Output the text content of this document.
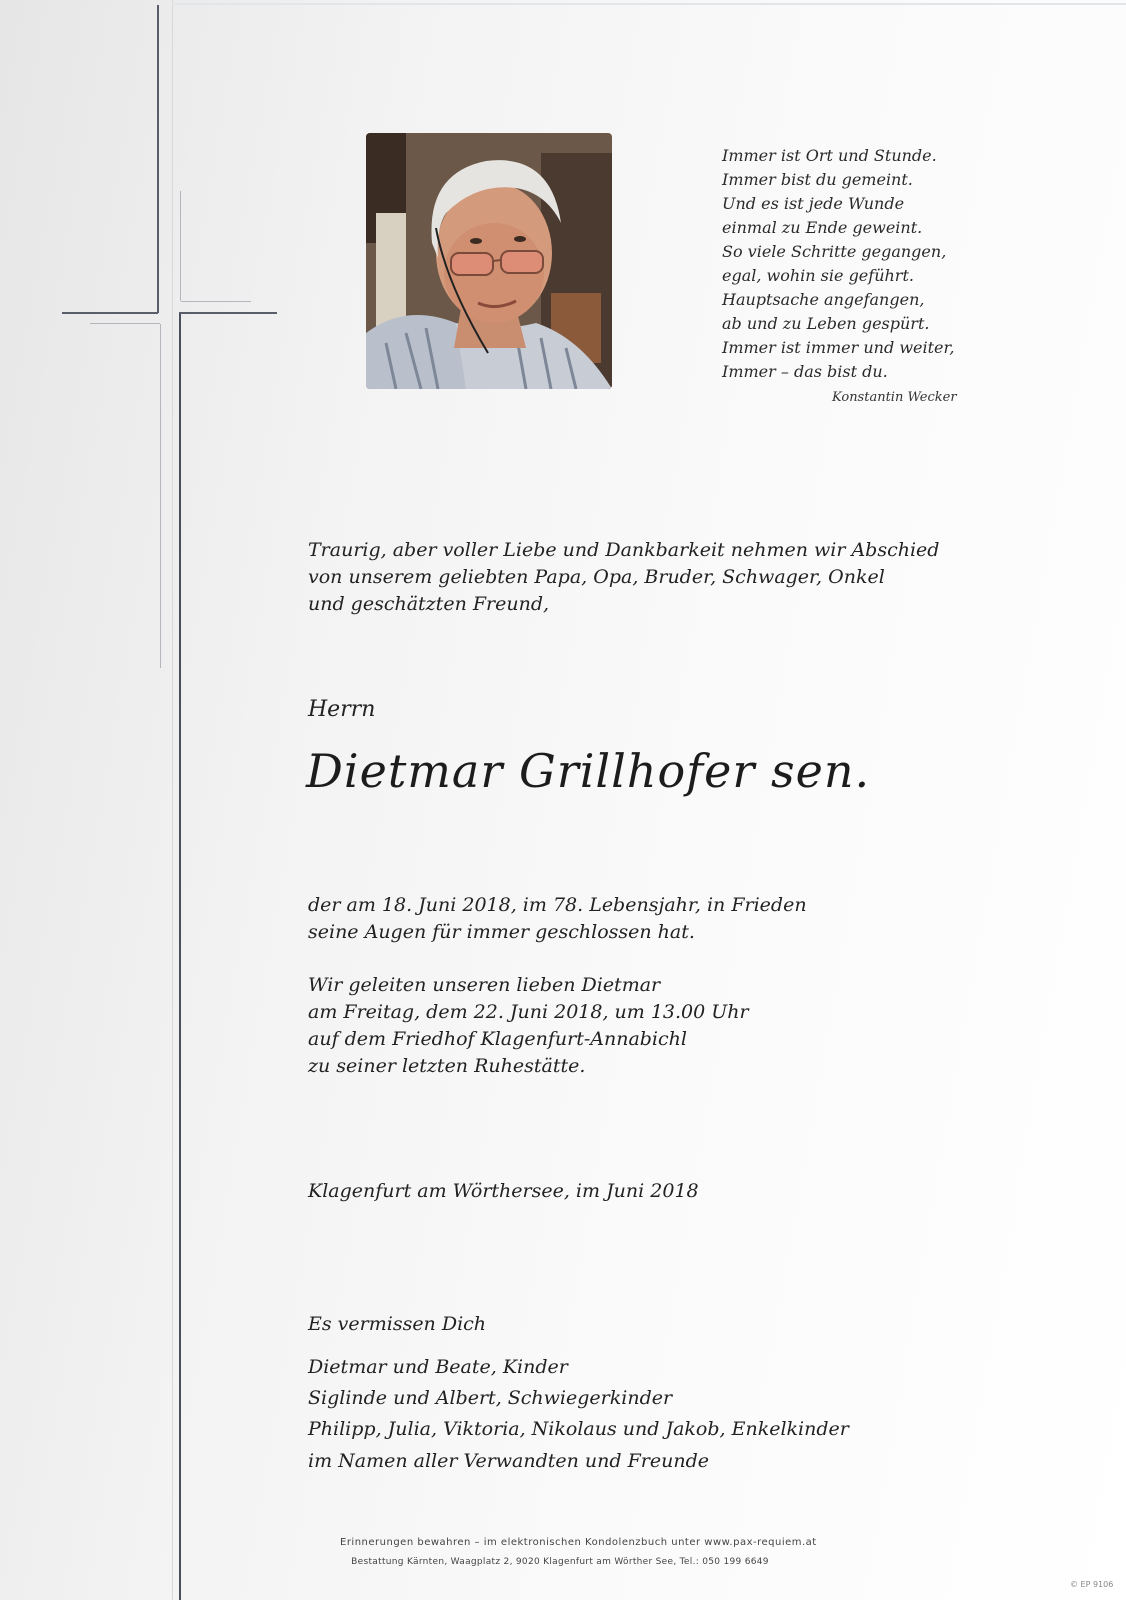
Immer ist Ort und Stunde.
Immer bist du gemeint.
Und es ist jede Wunde
einmal zu Ende geweint.
So viele Schritte gegangen,
egal, wohin sie geführt.
Hauptsache angefangen,
ab und zu Leben gespürt.
Immer ist immer und weiter,
Immer – das bist du.
Konstantin Wecker
Traurig, aber voller Liebe und Dankbarkeit nehmen wir Abschied
von unserem geliebten Papa, Opa, Bruder, Schwager, Onkel
und geschätzten Freund,
Herrn
Dietmar Grillhofer sen.
der am 18. Juni 2018, im 78. Lebensjahr, in Frieden
seine Augen für immer geschlossen hat.
Wir geleiten unseren lieben Dietmar
am Freitag, dem 22. Juni 2018, um 13.00 Uhr
auf dem Friedhof Klagenfurt-Annabichl
zu seiner letzten Ruhestätte.
Klagenfurt am Wörthersee, im Juni 2018
Es vermissen Dich
Dietmar und Beate, Kinder
Siglinde und Albert, Schwiegerkinder
Philipp, Julia, Viktoria, Nikolaus und Jakob, Enkelkinder
im Namen aller Verwandten und Freunde
Erinnerungen bewahren – im elektronischen Kondolenzbuch unter www.pax-requiem.at
Bestattung Kärnten, Waagplatz 2, 9020 Klagenfurt am Wörther See, Tel.: 050 199 6649
© EP 9106
